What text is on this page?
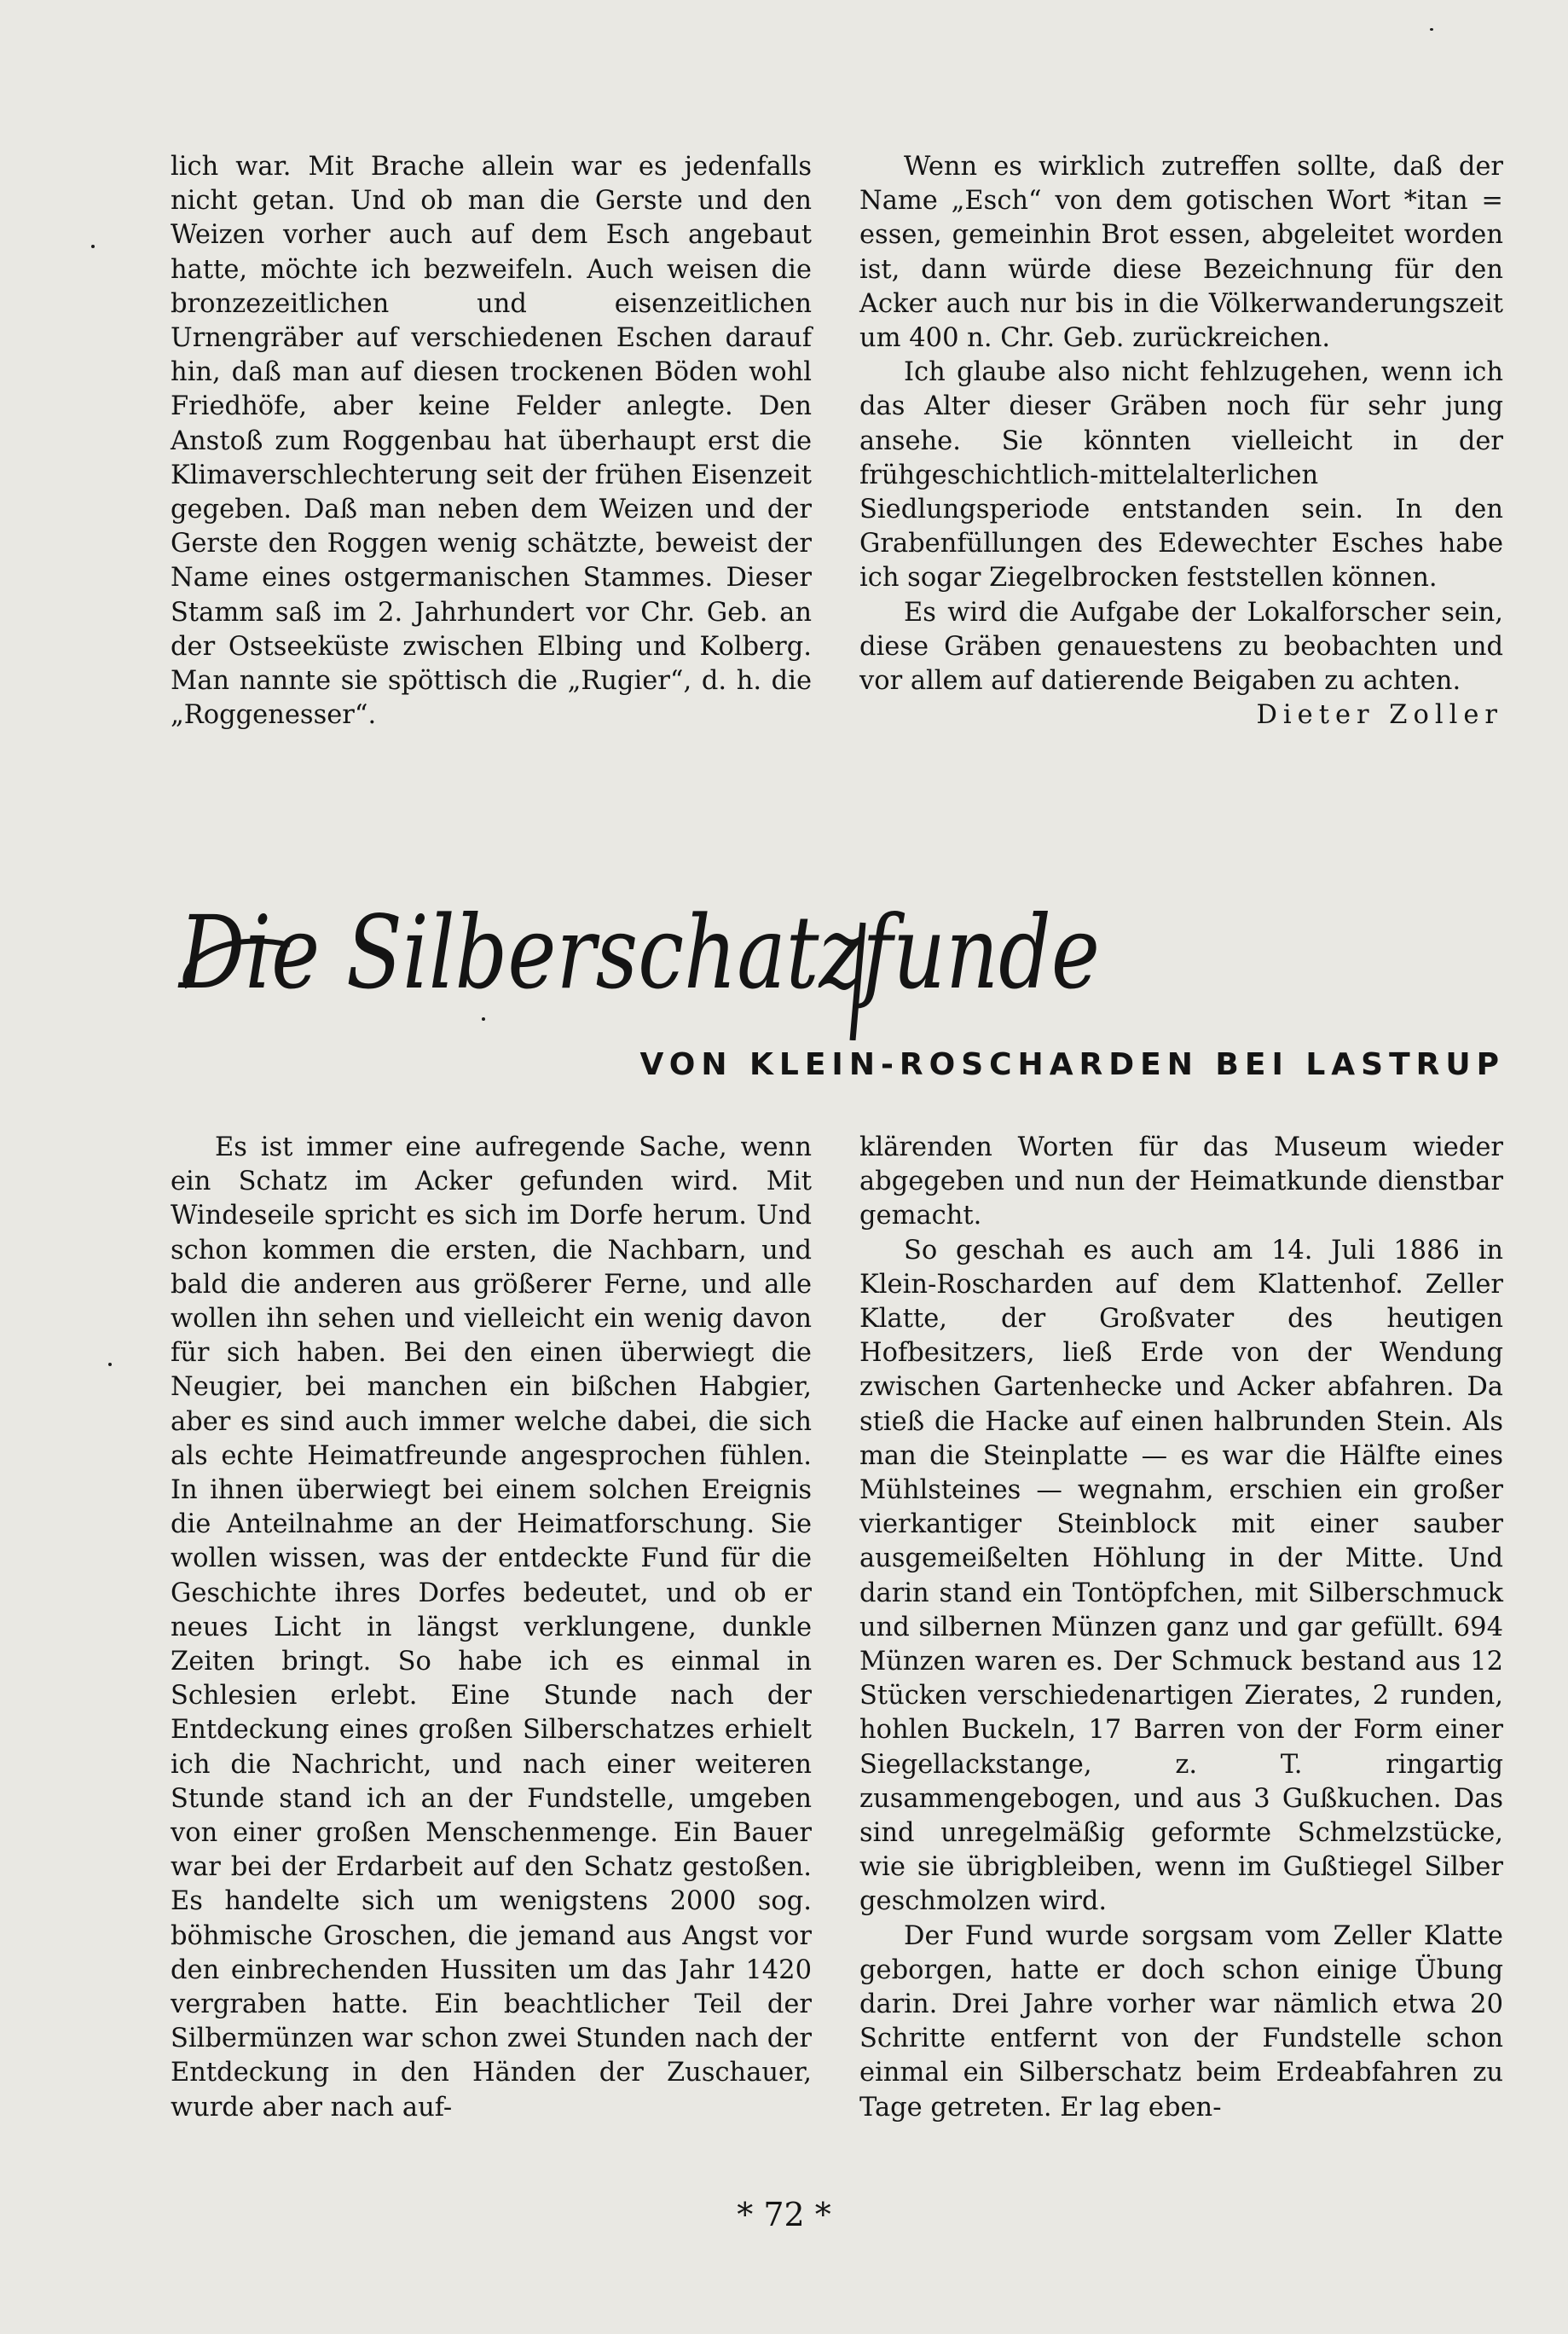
lich war. Mit Brache allein war es jedenfalls nicht getan. Und ob man die Gerste und den Weizen vorher auch auf dem Esch angebaut hatte, möchte ich bezweifeln. Auch weisen die bronzezeitlichen und eisenzeitlichen Urnengräber auf verschiedenen Eschen darauf hin, daß man auf diesen trockenen Böden wohl Friedhöfe, aber keine Felder anlegte. Den Anstoß zum Roggenbau hat überhaupt erst die Klimaverschlechterung seit der frühen Eisenzeit gegeben. Daß man neben dem Weizen und der Gerste den Roggen wenig schätzte, beweist der Name eines ostgermanischen Stammes. Dieser Stamm saß im 2. Jahrhundert vor Chr. Geb. an der Ostseeküste zwischen Elbing und Kolberg. Man nannte sie spöttisch die „Rugier“, d. h. die „Roggenesser“.

Wenn es wirklich zutreffen sollte, daß der Name „Esch“ von dem gotischen Wort *itan = essen, gemeinhin Brot essen, abgeleitet worden ist, dann würde diese Bezeichnung für den Acker auch nur bis in die Völkerwanderungszeit um 400 n. Chr. Geb. zurückreichen.

Ich glaube also nicht fehlzugehen, wenn ich das Alter dieser Gräben noch für sehr jung ansehe. Sie könnten vielleicht in der frühgeschichtlich-mittelalterlichen Siedlungsperiode entstanden sein. In den Grabenfüllungen des Edewechter Esches habe ich sogar Ziegelbrocken feststellen können.

Es wird die Aufgabe der Lokalforscher sein, diese Gräben genauestens zu beobachten und vor allem auf datierende Beigaben zu achten.
Dieter Zoller

Die Silberschatzfunde
VON KLEIN-ROSCHARDEN BEI LASTRUP

Es ist immer eine aufregende Sache, wenn ein Schatz im Acker gefunden wird. Mit Windeseile spricht es sich im Dorfe herum. Und schon kommen die ersten, die Nachbarn, und bald die anderen aus größerer Ferne, und alle wollen ihn sehen und vielleicht ein wenig davon für sich haben. Bei den einen überwiegt die Neugier, bei manchen ein bißchen Habgier, aber es sind auch immer welche dabei, die sich als echte Heimatfreunde angesprochen fühlen. In ihnen überwiegt bei einem solchen Ereignis die Anteilnahme an der Heimatforschung. Sie wollen wissen, was der entdeckte Fund für die Geschichte ihres Dorfes bedeutet, und ob er neues Licht in längst verklungene, dunkle Zeiten bringt. So habe ich es einmal in Schlesien erlebt. Eine Stunde nach der Entdeckung eines großen Silberschatzes erhielt ich die Nachricht, und nach einer weiteren Stunde stand ich an der Fundstelle, umgeben von einer großen Menschenmenge. Ein Bauer war bei der Erdarbeit auf den Schatz gestoßen. Es handelte sich um wenigstens 2000 sog. böhmische Groschen, die jemand aus Angst vor den einbrechenden Hussiten um das Jahr 1420 vergraben hatte. Ein beachtlicher Teil der Silbermünzen war schon zwei Stunden nach der Entdeckung in den Händen der Zuschauer, wurde aber nach auf-

klärenden Worten für das Museum wieder abgegeben und nun der Heimatkunde dienstbar gemacht.

So geschah es auch am 14. Juli 1886 in Klein-Roscharden auf dem Klattenhof. Zeller Klatte, der Großvater des heutigen Hofbesitzers, ließ Erde von der Wendung zwischen Gartenhecke und Acker abfahren. Da stieß die Hacke auf einen halbrunden Stein. Als man die Steinplatte — es war die Hälfte eines Mühlsteines — wegnahm, erschien ein großer vierkantiger Steinblock mit einer sauber ausgemeißelten Höhlung in der Mitte. Und darin stand ein Tontöpfchen, mit Silberschmuck und silbernen Münzen ganz und gar gefüllt. 694 Münzen waren es. Der Schmuck bestand aus 12 Stücken verschiedenartigen Zierates, 2 runden, hohlen Buckeln, 17 Barren von der Form einer Siegellackstange, z. T. ringartig zusammengebogen, und aus 3 Gußkuchen. Das sind unregelmäßig geformte Schmelzstücke, wie sie übrigbleiben, wenn im Gußtiegel Silber geschmolzen wird.

Der Fund wurde sorgsam vom Zeller Klatte geborgen, hatte er doch schon einige Übung darin. Drei Jahre vorher war nämlich etwa 20 Schritte entfernt von der Fundstelle schon einmal ein Silberschatz beim Erdeabfahren zu Tage getreten. Er lag eben-

* 72 *
